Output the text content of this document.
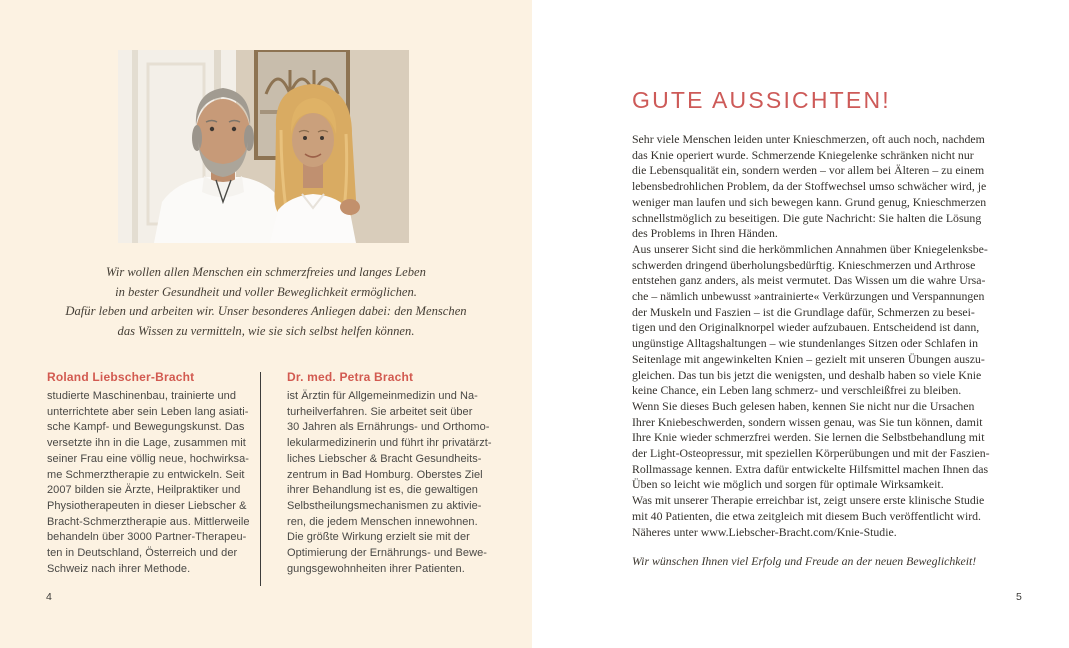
Wir wollen allen Menschen ein schmerzfreies und langes Leben
in bester Gesundheit und voller Beweglichkeit ermöglichen.
Dafür leben und arbeiten wir. Unser besonderes Anliegen dabei: den Menschen
das Wissen zu vermitteln, wie sie sich selbst helfen können.
Roland Liebscher-Bracht
studierte Maschinenbau, trainierte und
unterrichtete aber sein Leben lang asiati-
sche Kampf- und Bewegungskunst. Das
versetzte ihn in die Lage, zusammen mit
seiner Frau eine völlig neue, hochwirksa-
me Schmerztherapie zu entwickeln. Seit
2007 bilden sie Ärzte, Heilpraktiker und
Physiotherapeuten in dieser Liebscher &
Bracht-Schmerztherapie aus. Mittlerweile
behandeln über 3000 Partner-Therapeu-
ten in Deutschland, Österreich und der
Schweiz nach ihrer Methode.
Dr. med. Petra Bracht
ist Ärztin für Allgemeinmedizin und Na-
turheilverfahren. Sie arbeitet seit über
30 Jahren als Ernährungs- und Orthomo-
lekularmedizinerin und führt ihr privatärzt-
liches Liebscher & Bracht Gesundheits-
zentrum in Bad Homburg. Oberstes Ziel
ihrer Behandlung ist es, die gewaltigen
Selbstheilungsmechanismen zu aktivie-
ren, die jedem Menschen innewohnen.
Die größte Wirkung erzielt sie mit der
Optimierung der Ernährungs- und Bewe-
gungsgewohnheiten ihrer Patienten.
4
GUTE AUSSICHTEN!
Sehr viele Menschen leiden unter Knieschmerzen, oft auch noch, nachdem
das Knie operiert wurde. Schmerzende Kniegelenke schränken nicht nur
die Lebensqualität ein, sondern werden – vor allem bei Älteren – zu einem
lebensbedrohlichen Problem, da der Stoffwechsel umso schwächer wird, je
weniger man laufen und sich bewegen kann. Grund genug, Knieschmerzen
schnellstmöglich zu beseitigen. Die gute Nachricht: Sie halten die Lösung
des Problems in Ihren Händen.
Aus unserer Sicht sind die herkömmlichen Annahmen über Kniegelenksbe-
schwerden dringend überholungsbedürftig. Knieschmerzen und Arthrose
entstehen ganz anders, als meist vermutet. Das Wissen um die wahre Ursa-
che – nämlich unbewusst »antrainierte« Verkürzungen und Verspannungen
der Muskeln und Faszien – ist die Grundlage dafür, Schmerzen zu besei-
tigen und den Originalknorpel wieder aufzubauen. Entscheidend ist dann,
ungünstige Alltagshaltungen – wie stundenlanges Sitzen oder Schlafen in
Seitenlage mit angewinkelten Knien – gezielt mit unseren Übungen auszu-
gleichen. Das tun bis jetzt die wenigsten, und deshalb haben so viele Knie
keine Chance, ein Leben lang schmerz- und verschleißfrei zu bleiben.
Wenn Sie dieses Buch gelesen haben, kennen Sie nicht nur die Ursachen
Ihrer Kniebeschwerden, sondern wissen genau, was Sie tun können, damit
Ihre Knie wieder schmerzfrei werden. Sie lernen die Selbstbehandlung mit
der Light-Osteopressur, mit speziellen Körperübungen und mit der Faszien-
Rollmassage kennen. Extra dafür entwickelte Hilfsmittel machen Ihnen das
Üben so leicht wie möglich und sorgen für optimale Wirksamkeit.
Was mit unserer Therapie erreichbar ist, zeigt unsere erste klinische Studie
mit 40 Patienten, die etwa zeitgleich mit diesem Buch veröffentlicht wird.
Näheres unter www.Liebscher-Bracht.com/Knie-Studie.
Wir wünschen Ihnen viel Erfolg und Freude an der neuen Beweglichkeit!
5
